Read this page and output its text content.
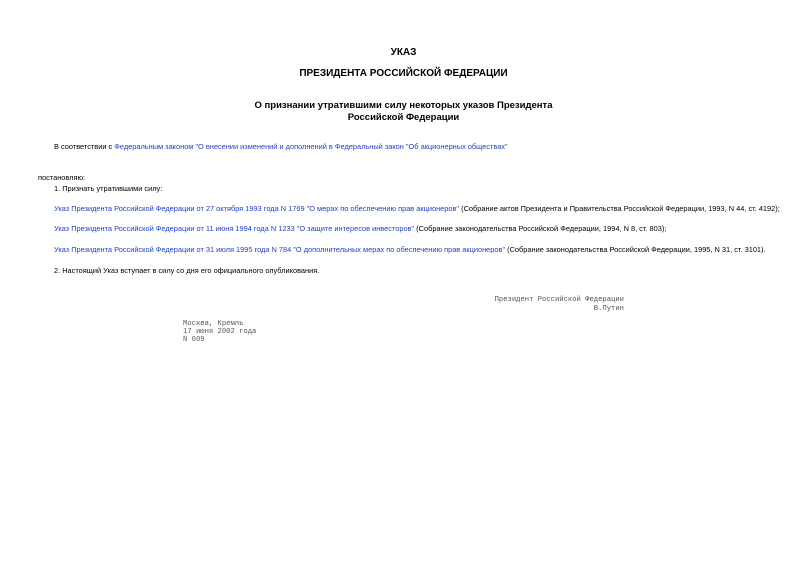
УКАЗ
ПРЕЗИДЕНТА РОССИЙСКОЙ ФЕДЕРАЦИИ
О признании утратившими силу некоторых указов Президента
Российской Федерации
В соответствии с Федеральным законом "О внесении изменений и дополнений в Федеральный закон "Об акционерных обществах"
постановляю:
1. Признать утратившими силу:
Указ Президента Российской Федерации от 27 октября 1993 года N 1769 "О мерах по обеспечению прав акционеров" (Собрание актов Президента и Правительства Российской Федерации, 1993, N 44, ст. 4192);
Указ Президента Российской Федерации от 11 июня 1994 года N 1233 "О защите интересов инвесторов" (Собрание законодательства Российской Федерации, 1994, N 8, ст. 803);
Указ Президента Российской Федерации от 31 июля 1995 года N 784 "О дополнительных мерах по обеспечению прав акционеров" (Собрание законодательства Российской Федерации, 1995, N 31, ст. 3101).
2. Настоящий Указ вступает в силу со дня его официального опубликования.
Президент Российской Федерации
В.Путин
Москва, Кремль
17 июня 2002 года
N 609
